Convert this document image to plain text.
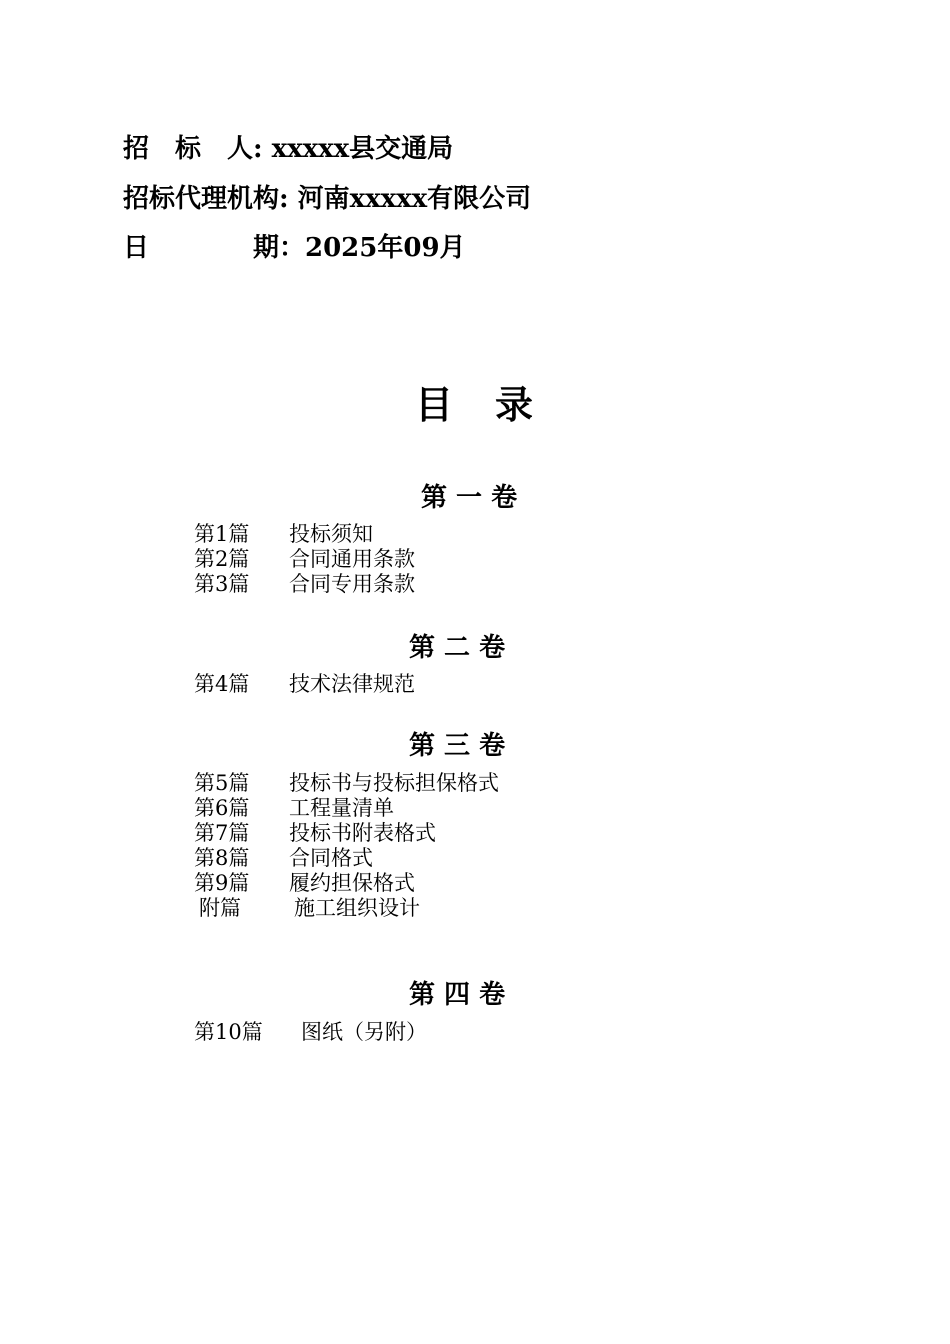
招　标　人: xxxxx县交通局
招标代理机构: 河南xxxxx有限公司
日　　　　期：2025年09月
目　录
第 一 卷
第1篇 投标须知
第2篇 合同通用条款
第3篇 合同专用条款
第 二 卷
第4篇 技术法律规范
第 三 卷
第5篇 投标书与投标担保格式
第6篇 工程量清单
第7篇 投标书附表格式
第8篇 合同格式
第9篇 履约担保格式
附篇	施工组织设计
第 四 卷
第10篇 图纸（另附）
